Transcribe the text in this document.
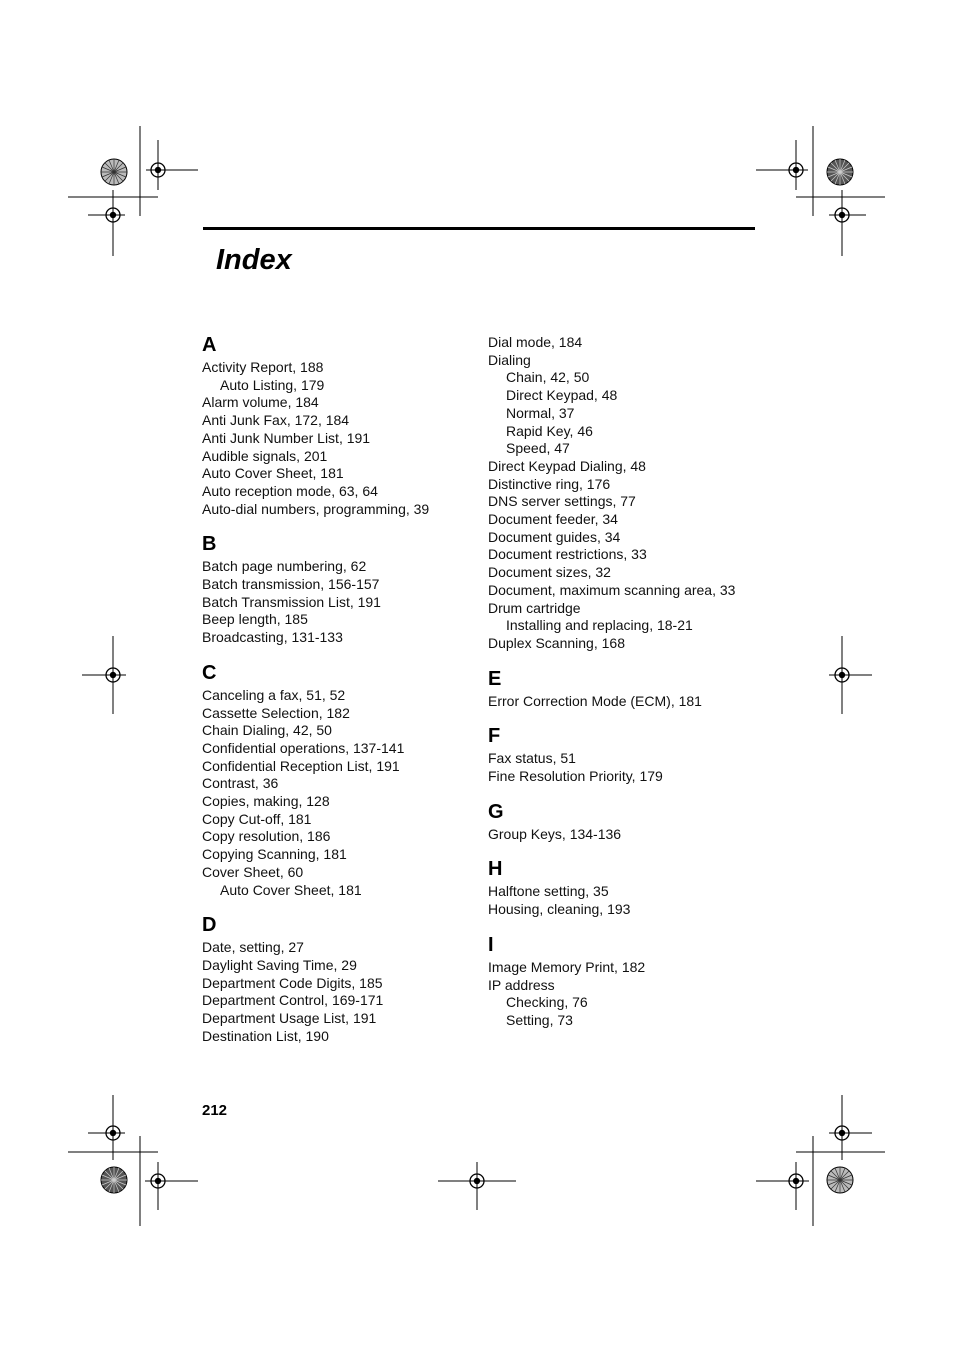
Index
A
Activity Report, 188
Auto Listing, 179
Alarm volume, 184
Anti Junk Fax, 172, 184
Anti Junk Number List, 191
Audible signals, 201
Auto Cover Sheet, 181
Auto reception mode, 63, 64
Auto-dial numbers, programming, 39
B
Batch page numbering, 62
Batch transmission, 156-157
Batch Transmission List, 191
Beep length, 185
Broadcasting, 131-133
C
Canceling a fax, 51, 52
Cassette Selection, 182
Chain Dialing, 42, 50
Confidential operations, 137-141
Confidential Reception List, 191
Contrast, 36
Copies, making, 128
Copy Cut-off, 181
Copy resolution, 186
Copying Scanning, 181
Cover Sheet, 60
Auto Cover Sheet, 181
D
Date, setting, 27
Daylight Saving Time, 29
Department Code Digits, 185
Department Control, 169-171
Department Usage List, 191
Destination List, 190
Dial mode, 184
Dialing
Chain, 42, 50
Direct Keypad, 48
Normal, 37
Rapid Key, 46
Speed, 47
Direct Keypad Dialing, 48
Distinctive ring, 176
DNS server settings, 77
Document feeder, 34
Document guides, 34
Document restrictions, 33
Document sizes, 32
Document, maximum scanning area, 33
Drum cartridge
Installing and replacing, 18-21
Duplex Scanning, 168
E
Error Correction Mode (ECM), 181
F
Fax status, 51
Fine Resolution Priority, 179
G
Group Keys, 134-136
H
Halftone setting, 35
Housing, cleaning, 193
I
Image Memory Print, 182
IP address
Checking, 76
Setting, 73
212
